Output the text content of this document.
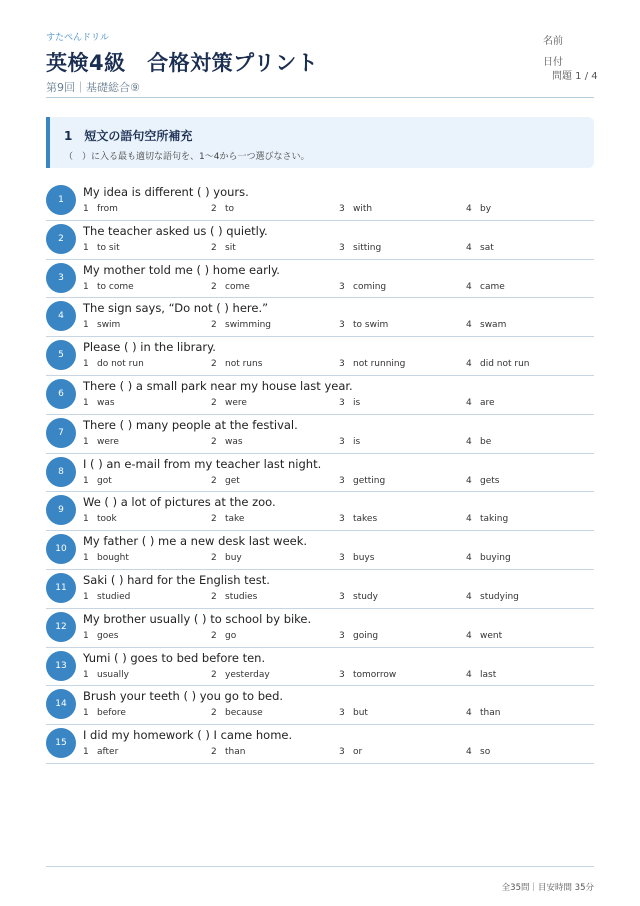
すたぺんドリル
英検4級　合格対策プリント
第9回｜基礎総合⑨
名前
日付
問題 1 / 4
1　短文の語句空所補充
（　）に入る最も適切な語句を、1～4から一つ選びなさい。
1
My idea is different ( ) yours.
1 from	2 to	3 with	4 by
2
The teacher asked us ( ) quietly.
1 to sit	2 sit	3 sitting	4 sat
3
My mother told me ( ) home early.
1 to come	2 come	3 coming	4 came
4
The sign says, “Do not ( ) here.”
1 swim	2 swimming	3 to swim	4 swam
5
Please ( ) in the library.
1 do not run	2 not runs	3 not running	4 did not run
6
There ( ) a small park near my house last year.
1 was	2 were	3 is	4 are
7
There ( ) many people at the festival.
1 were	2 was	3 is	4 be
8
I ( ) an e-mail from my teacher last night.
1 got	2 get	3 getting	4 gets
9
We ( ) a lot of pictures at the zoo.
1 took	2 take	3 takes	4 taking
10
My father ( ) me a new desk last week.
1 bought	2 buy	3 buys	4 buying
11
Saki ( ) hard for the English test.
1 studied	2 studies	3 study	4 studying
12
My brother usually ( ) to school by bike.
1 goes	2 go	3 going	4 went
13
Yumi ( ) goes to bed before ten.
1 usually	2 yesterday	3 tomorrow	4 last
14
Brush your teeth ( ) you go to bed.
1 before	2 because	3 but	4 than
15
I did my homework ( ) I came home.
1 after	2 than	3 or	4 so
全35問｜目安時間 35分
